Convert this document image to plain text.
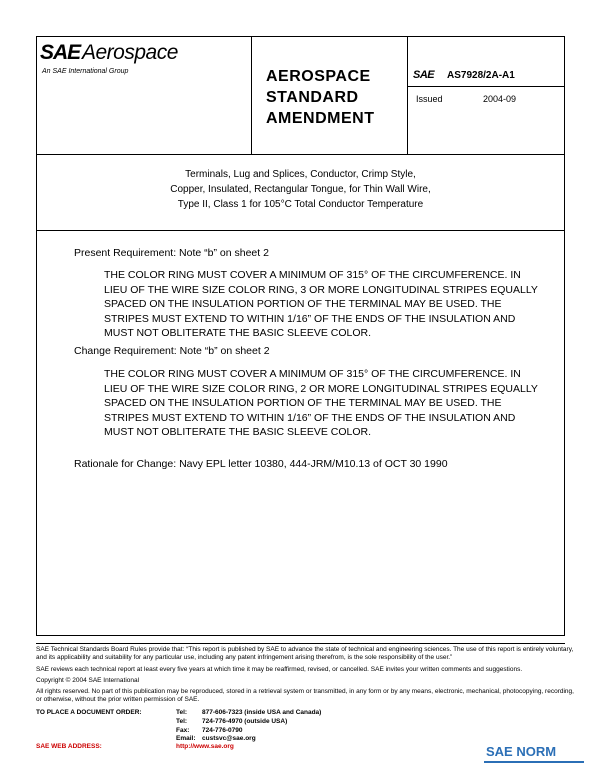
SAE Aerospace
An SAE International Group	AEROSPACE
STANDARD
AMENDMENT
SAE AS7928/2A-A1
Issued	2004-09
Terminals, Lug and Splices, Conductor, Crimp Style,
Copper, Insulated, Rectangular Tongue, for Thin Wall Wire,
Type II, Class 1 for 105°C Total Conductor Temperature
Present Requirement: Note “b” on sheet 2
THE COLOR RING MUST COVER A MINIMUM OF 315° OF THE CIRCUMFERENCE. IN LIEU OF THE WIRE SIZE COLOR RING, 3 OR MORE LONGITUDINAL STRIPES EQUALLY SPACED ON THE INSULATION PORTION OF THE TERMINAL MAY BE USED. THE STRIPES MUST EXTEND TO WITHIN 1/16” OF THE ENDS OF THE INSULATION AND MUST NOT OBLITERATE THE BASIC SLEEVE COLOR.
Change Requirement: Note “b” on sheet 2
THE COLOR RING MUST COVER A MINIMUM OF 315° OF THE CIRCUMFERENCE. IN LIEU OF THE WIRE SIZE COLOR RING, 2 OR MORE LONGITUDINAL STRIPES EQUALLY SPACED ON THE INSULATION PORTION OF THE TERMINAL MAY BE USED. THE STRIPES MUST EXTEND TO WITHIN 1/16” OF THE ENDS OF THE INSULATION AND MUST NOT OBLITERATE THE BASIC SLEEVE COLOR.
Rationale for Change: Navy EPL letter 10380, 444-JRM/M10.13 of OCT 30 1990
SAE Technical Standards Board Rules provide that: “This report is published by SAE to advance the state of technical and engineering sciences. The use of this report is entirely voluntary, and its applicability and suitability for any particular use, including any patent infringement arising therefrom, is the sole responsibility of the user.”
SAE reviews each technical report at least every five years at which time it may be reaffirmed, revised, or cancelled. SAE invites your written comments and suggestions.
Copyright © 2004 SAE International
All rights reserved. No part of this publication may be reproduced, stored in a retrieval system or transmitted, in any form or by any means, electronic, mechanical, photocopying, recording, or otherwise, without the prior written permission of SAE.
TO PLACE A DOCUMENT ORDER:	Tel: 877-606-7323 (inside USA and Canada)
Tel: 724-776-4970 (outside USA)
Fax: 724-776-0790
Email: custsvc@sae.org
SAE WEB ADDRESS:	http://www.sae.org	SAE NORM
